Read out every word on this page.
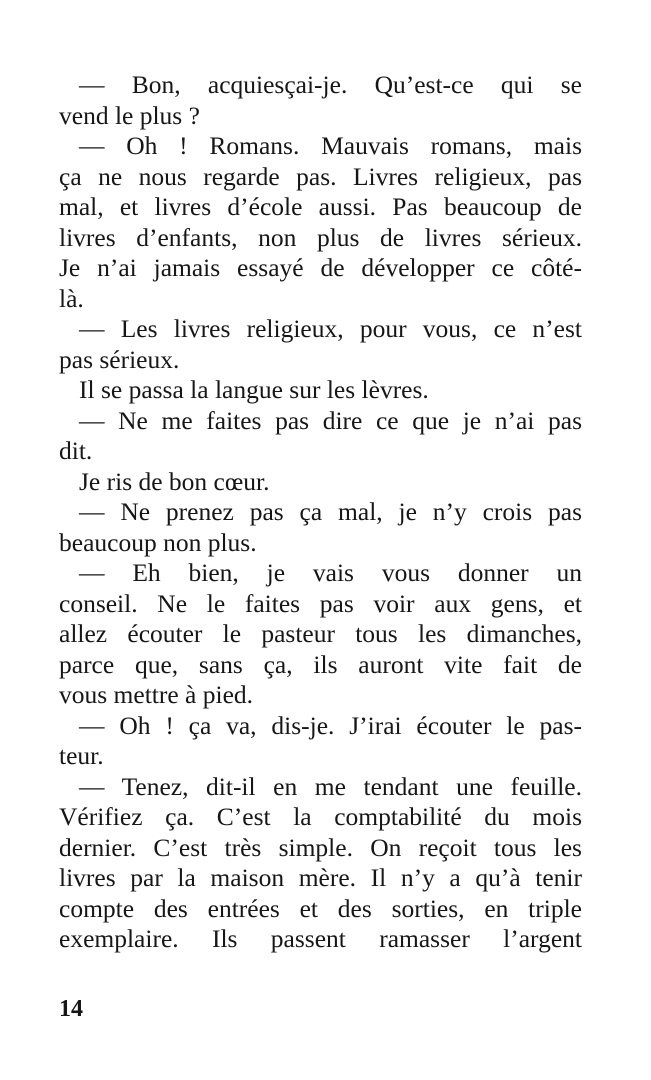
— Bon, acquiesçai-je. Qu’est-ce qui se
vend le plus ?
— Oh ! Romans. Mauvais romans, mais
ça ne nous regarde pas. Livres religieux, pas
mal, et livres d’école aussi. Pas beaucoup de
livres d’enfants, non plus de livres sérieux.
Je n’ai jamais essayé de développer ce côté-
là.
— Les livres religieux, pour vous, ce n’est
pas sérieux.
Il se passa la langue sur les lèvres.
— Ne me faites pas dire ce que je n’ai pas
dit.
Je ris de bon cœur.
— Ne prenez pas ça mal, je n’y crois pas
beaucoup non plus.
— Eh bien, je vais vous donner un
conseil. Ne le faites pas voir aux gens, et
allez écouter le pasteur tous les dimanches,
parce que, sans ça, ils auront vite fait de
vous mettre à pied.
— Oh ! ça va, dis-je. J’irai écouter le pas-
teur.
— Tenez, dit-il en me tendant une feuille.
Vérifiez ça. C’est la comptabilité du mois
dernier. C’est très simple. On reçoit tous les
livres par la maison mère. Il n’y a qu’à tenir
compte des entrées et des sorties, en triple
exemplaire. Ils passent ramasser l’argent
14
